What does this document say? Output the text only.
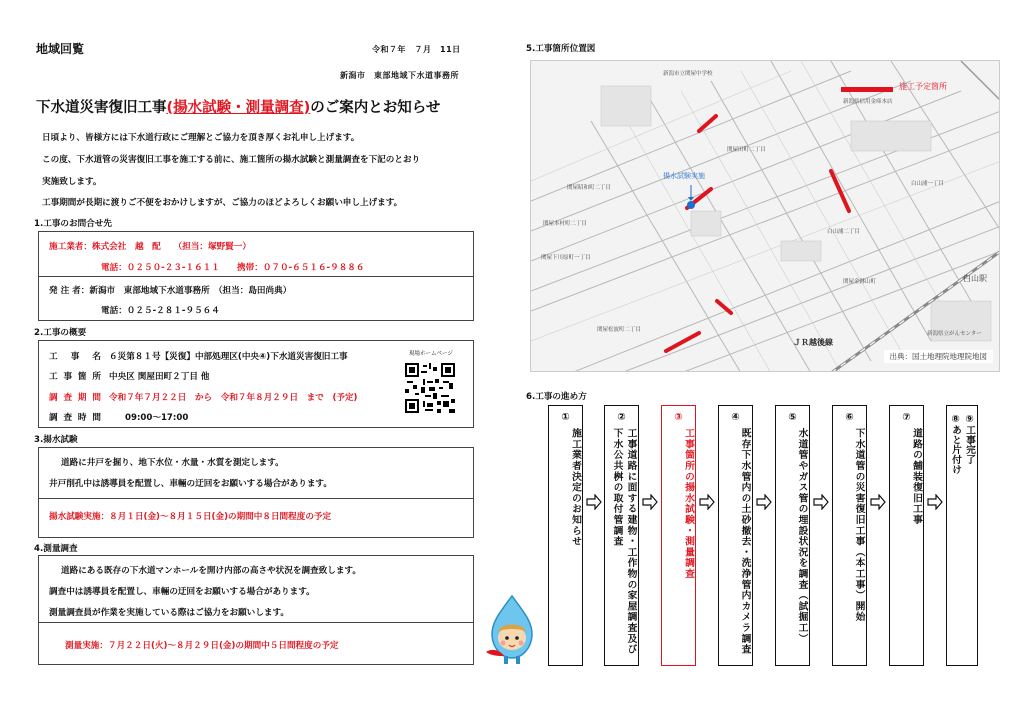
地域回覧	令和７年　７月　11日
新潟市　東部地域下水道事務所
下水道災害復旧工事(揚水試験・測量調査)のご案内とお知らせ
日頃より、皆様方には下水道行政にご理解とご協力を頂き厚くお礼申し上げます。
この度、下水道管の災害復旧工事を施工する前に、施工箇所の揚水試験と測量調査を下記のとおり
実施致します。
工事期間が長期に渡りご不便をおかけしますが、ご協力のほどよろしくお願い申し上げます。
1.工事のお問合せ先
施工業者：株式会社　越　配　　（担当：塚野賢一）
電話：０２５０-２３-１６１１　　携帯：０７０-６５１６-９８８６
発 注 者：新潟市　東部地域下水道事務所　（担当：島田尚典）
電話：０２５-２８１-９５６４
2.工事の概要
工事名 ６災第８１号【災復】中部処理区(中央④)下水道災害復旧工事
工事箇所 中央区 関屋田町２丁目 他
調査期間 令和７年７月２２日　から　令和７年８月２９日　まで　(予定)
調査時間	09:00～17:00
現場ホームページ
3.揚水試験
道路に井戸を掘り、地下水位・水量・水質を測定します。
井戸削孔中は誘導員を配置し、車輛の迂回をお願いする場合があります。
揚水試験実施：８月１日(金)～８月１５日(金)の期間中８日間程度の予定
4.測量調査
道路にある既存の下水道マンホールを開け内部の高さや状況を調査致します。
調査中は誘導員を配置し、車輛の迂回をお願いする場合があります。
測量調査員が作業を実施している際はご協力をお願いします。
測量実施：７月２２日(火)～８月２９日(金)の期間中５日間程度の予定
5.工事箇所位置図
新潟市立関屋中学校
新潟県信用金庫本店
関屋田町二丁目
関屋昭和町二丁目
白山浦一丁目
関屋本村町二丁目
白山浦二丁目
関屋下川原町一丁目
関屋金鉢山町
関屋松波町二丁目
白山駅
ＪＲ越後線
新潟県立がんセンター
揚水試験実施
施工予定箇所
出典：国土地理院地理院地図
6.工事の進め方
①
施工業者決定のお知らせ
②
工事道路に面する建物・工作物の家屋調査及び下水公共桝の取付管調査
③
工事箇所の揚水試験・測量調査
④
既存下水管内の土砂撤去・洗浄管内カメラ調査
⑤
水道管やガス管の埋設状況を調査（試掘工）
⑥
下水道管の災害復旧工事（本工事）開始
⑦
道路の舗装復旧工事
⑧あと片付け
⑨工事完了
